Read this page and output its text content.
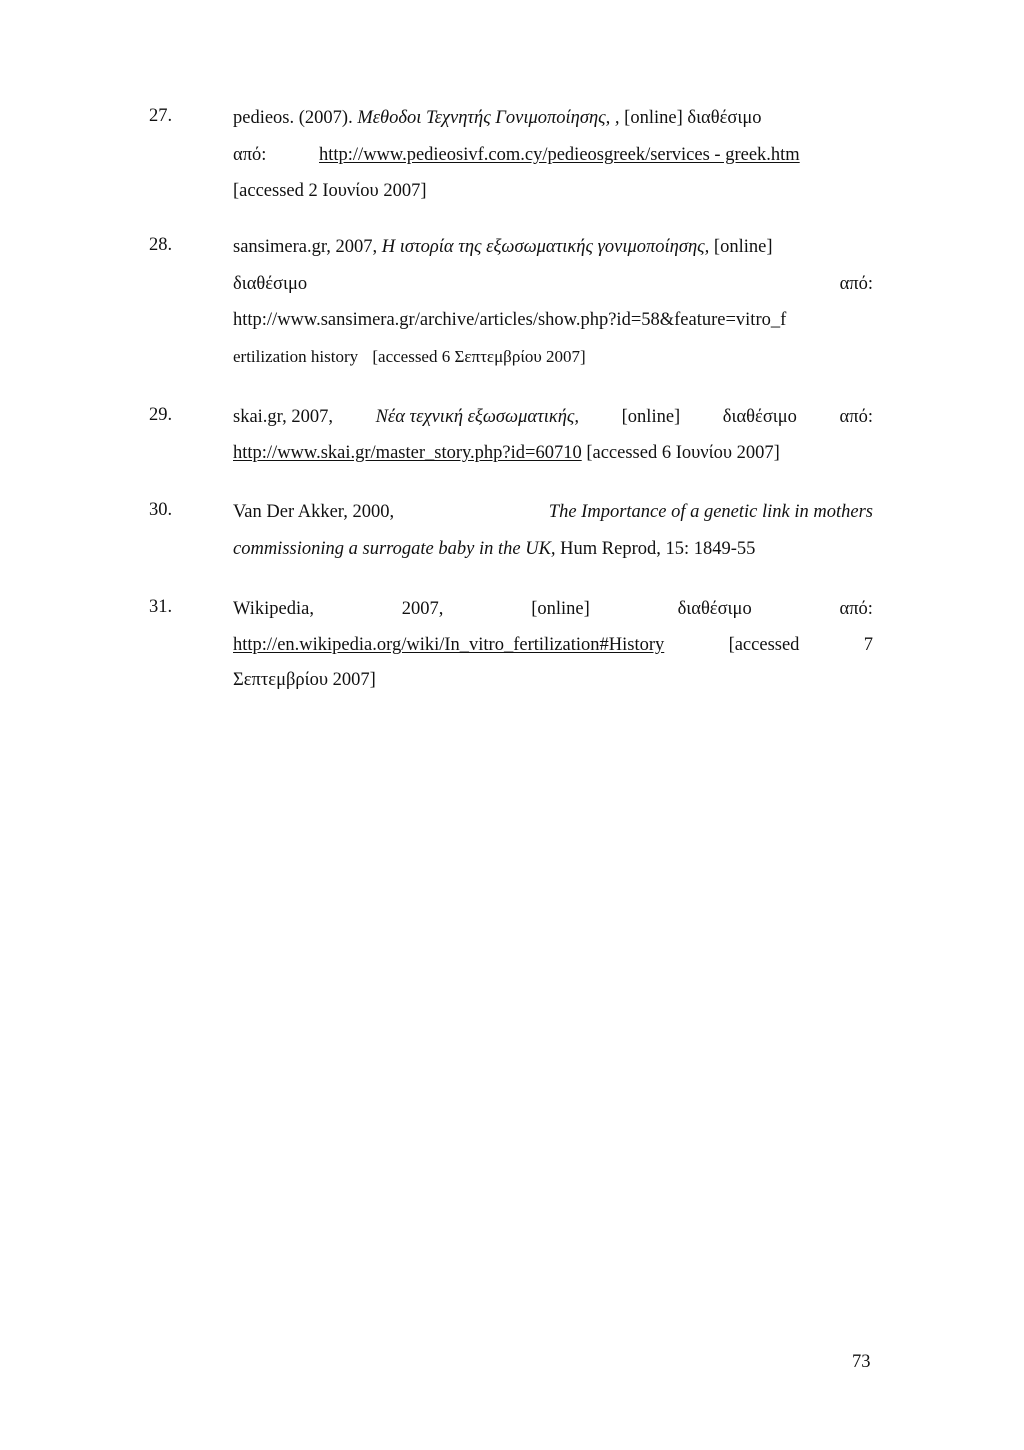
27.	pedieos. (2007). Μεθοδοι Τεχνητής Γονιμοποίησης, , [online] διαθέσιμο
από:	http://www.pedieosivf.com.cy/pedieosgreek/services - greek.htm
[accessed 2 Ιουνίου 2007]
28.	sansimera.gr, 2007, Η ιστορία της εξωσωματικής γονιμοποίησης, [online]
διαθέσιμο	από:
http://www.sansimera.gr/archive/articles/show.php?id=58&feature=vitro_f
ertilization history [accessed 6 Σεπτεμβρίου 2007]
29.	skai.gr, 2007, Νέα τεχνική εξωσωματικής, [online] διαθέσιμο από:
http://www.skai.gr/master_story.php?id=60710 [accessed 6 Ιουνίου 2007]
30.	Van Der Akker, 2000,	The Importance of a genetic link in mothers
commissioning a surrogate baby in the UK, Hum Reprod, 15: 1849-55
31.	Wikipedia,	2007,	[online]	διαθέσιμο	από:
http://en.wikipedia.org/wiki/In_vitro_fertilization#History	[accessed	7
Σεπτεμβρίου 2007]
73
